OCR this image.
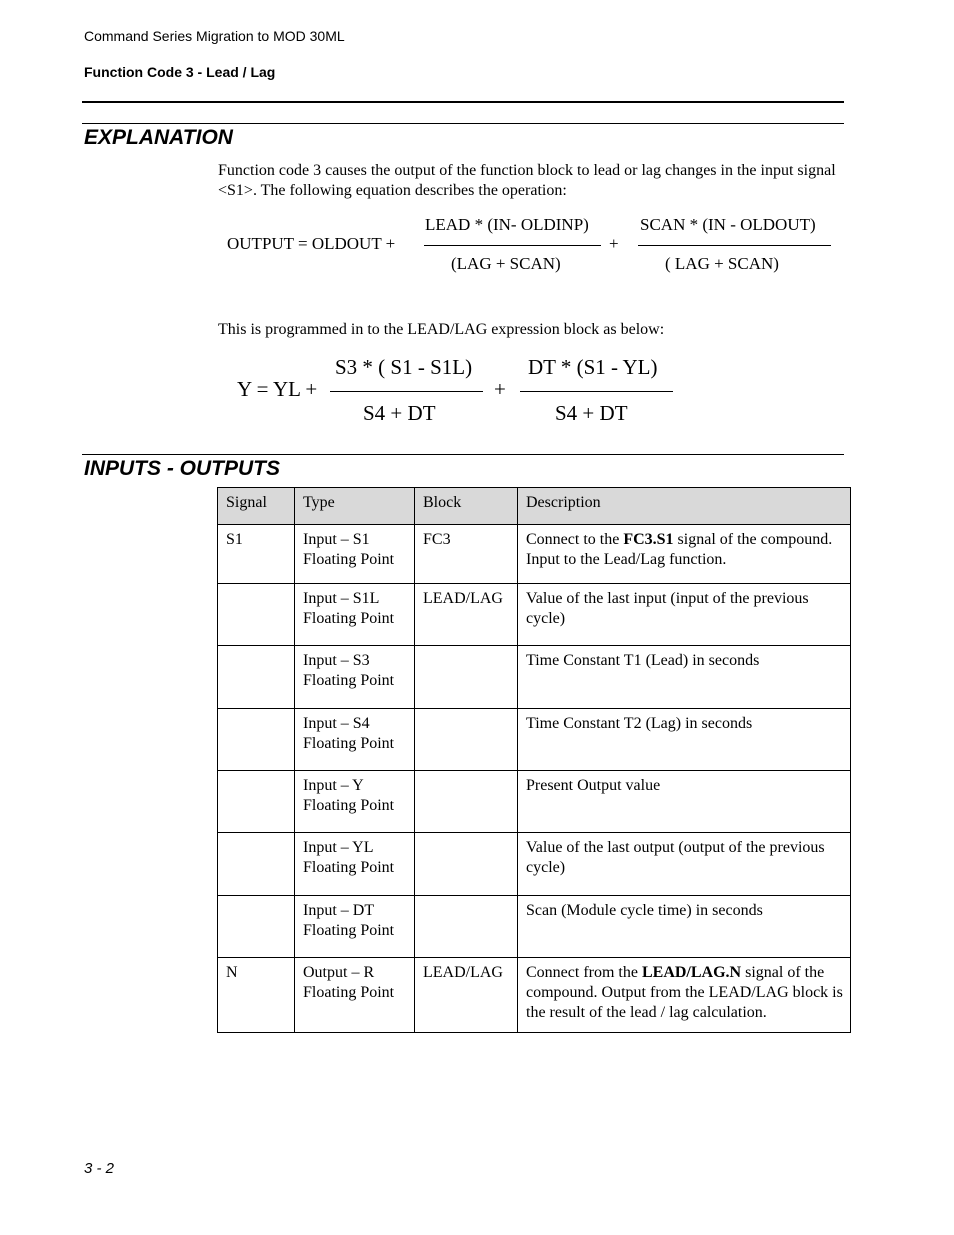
Command Series Migration to MOD 30ML
Function Code 3 - Lead / Lag
EXPLANATION
Function code 3 causes the output of the function block to lead or lag changes in the input signal <S1>. The following equation describes the operation:
OUTPUT = OLDOUT +
LEAD * (IN- OLDINP)
(LAG + SCAN)
+
SCAN * (IN - OLDOUT)
( LAG + SCAN)
This is programmed in to the LEAD/LAG expression block as below:
Y = YL +
S3 * ( S1 - S1L)
S4 + DT
+
DT * (S1 - YL)
S4 + DT
INPUTS - OUTPUTS
Signal	Type	Block	Description
S1	Input – S1
Floating Point	FC3	Connect to the FC3.S1 signal of the compound. Input to the Lead/Lag function.

	Input – S1L
Floating Point	LEAD/LAG	Value of the last input (input of the previous cycle)

	Input – S3
Floating Point		Time Constant T1 (Lead) in seconds

	Input – S4
Floating Point		Time Constant T2 (Lag) in seconds

	Input – Y
Floating Point		Present Output value

	Input – YL
Floating Point		Value of the last output (output of the previous cycle)

	Input – DT
Floating Point		Scan (Module cycle time) in seconds
N	Output – R
Floating Point	LEAD/LAG	Connect from the LEAD/LAG.N signal of the compound. Output from the LEAD/LAG block is the result of the lead / lag calculation.
3 - 2
